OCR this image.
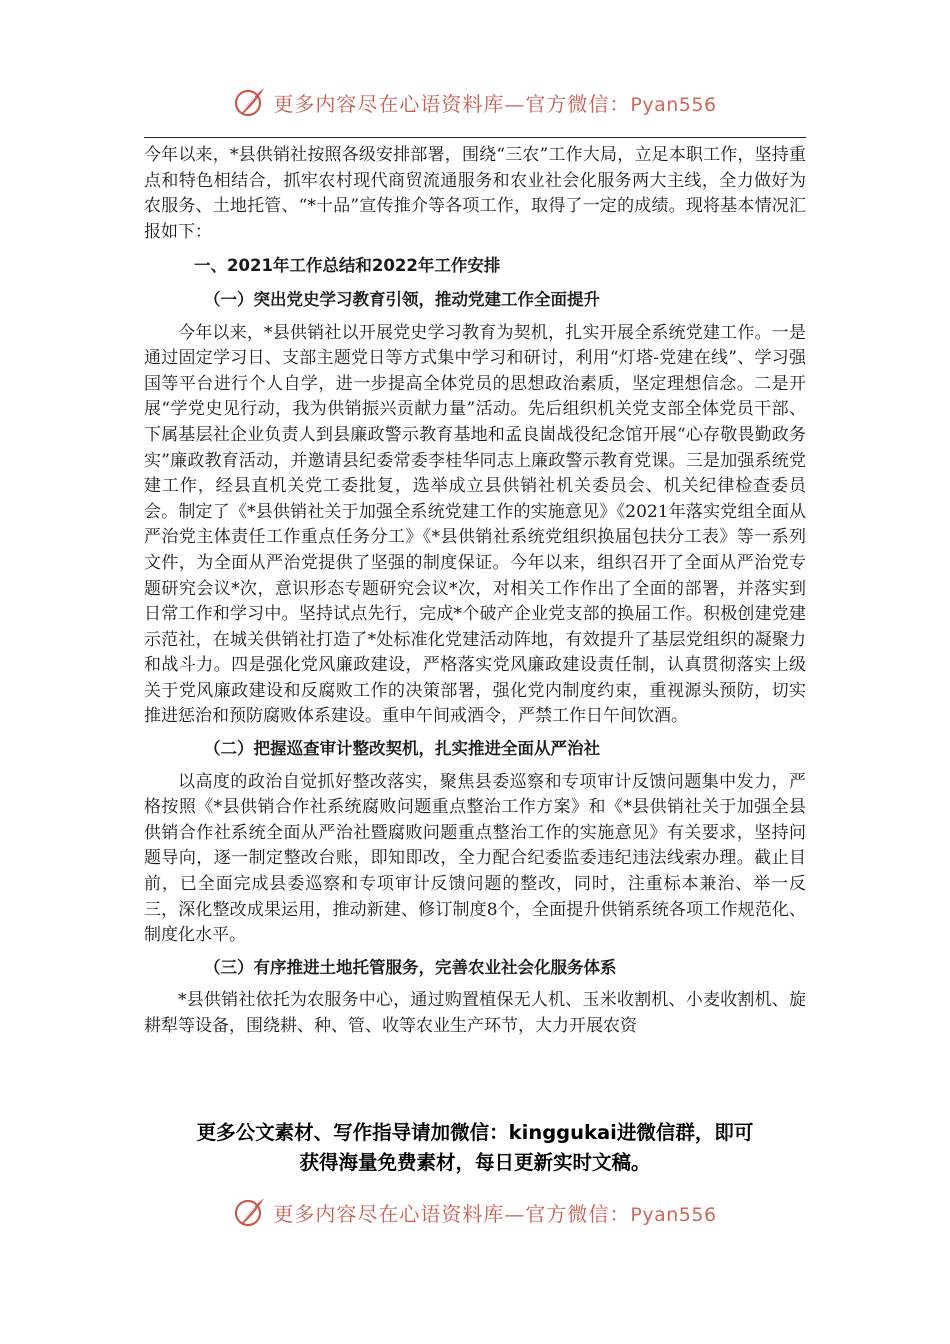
更多内容尽在心语资料库—官方微信：Pyan556

今年以来，*县供销社按照各级安排部署，围绕“三农”工作大局，立足本职工作，坚持重点和特色相结合，抓牢农村现代商贸流通服务和农业社会化服务两大主线，全力做好为农服务、土地托管、“*十品”宣传推介等各项工作，取得了一定的成绩。现将基本情况汇报如下：

一、2021年工作总结和2022年工作安排

（一）突出党史学习教育引领，推动党建工作全面提升

今年以来，*县供销社以开展党史学习教育为契机，扎实开展全系统党建工作。一是通过固定学习日、支部主题党日等方式集中学习和研讨，利用“灯塔-党建在线”、学习强国等平台进行个人自学，进一步提高全体党员的思想政治素质，坚定理想信念。二是开展“学党史见行动，我为供销振兴贡献力量”活动。先后组织机关党支部全体党员干部、下属基层社企业负责人到县廉政警示教育基地和孟良崮战役纪念馆开展“心存敬畏勤政务实”廉政教育活动，并邀请县纪委常委李桂华同志上廉政警示教育党课。三是加强系统党建工作，经县直机关党工委批复，选举成立县供销社机关委员会、机关纪律检查委员会。制定了《*县供销社关于加强全系统党建工作的实施意见》《2021年落实党组全面从严治党主体责任工作重点任务分工》《*县供销社系统党组织换届包扶分工表》等一系列文件，为全面从严治党提供了坚强的制度保证。今年以来，组织召开了全面从严治党专题研究会议*次，意识形态专题研究会议*次，对相关工作作出了全面的部署，并落实到日常工作和学习中。坚持试点先行，完成*个破产企业党支部的换届工作。积极创建党建示范社，在城关供销社打造了*处标准化党建活动阵地，有效提升了基层党组织的凝聚力和战斗力。四是强化党风廉政建设，严格落实党风廉政建设责任制，认真贯彻落实上级关于党风廉政建设和反腐败工作的决策部署，强化党内制度约束，重视源头预防，切实推进惩治和预防腐败体系建设。重申午间戒酒令，严禁工作日午间饮酒。

（二）把握巡查审计整改契机，扎实推进全面从严治社

以高度的政治自觉抓好整改落实，聚焦县委巡察和专项审计反馈问题集中发力，严格按照《*县供销合作社系统腐败问题重点整治工作方案》和《*县供销社关于加强全县供销合作社系统全面从严治社暨腐败问题重点整治工作的实施意见》有关要求，坚持问题导向，逐一制定整改台账，即知即改，全力配合纪委监委违纪违法线索办理。截止目前，已全面完成县委巡察和专项审计反馈问题的整改，同时，注重标本兼治、举一反三，深化整改成果运用，推动新建、修订制度8个，全面提升供销系统各项工作规范化、制度化水平。

（三）有序推进土地托管服务，完善农业社会化服务体系

*县供销社依托为农服务中心，通过购置植保无人机、玉米收割机、小麦收割机、旋耕犁等设备，围绕耕、种、管、收等农业生产环节，大力开展农资

更多公文素材、写作指导请加微信：kinggukai进微信群，即可
获得海量免费素材，每日更新实时文稿。
更多内容尽在心语资料库—官方微信：Pyan556
